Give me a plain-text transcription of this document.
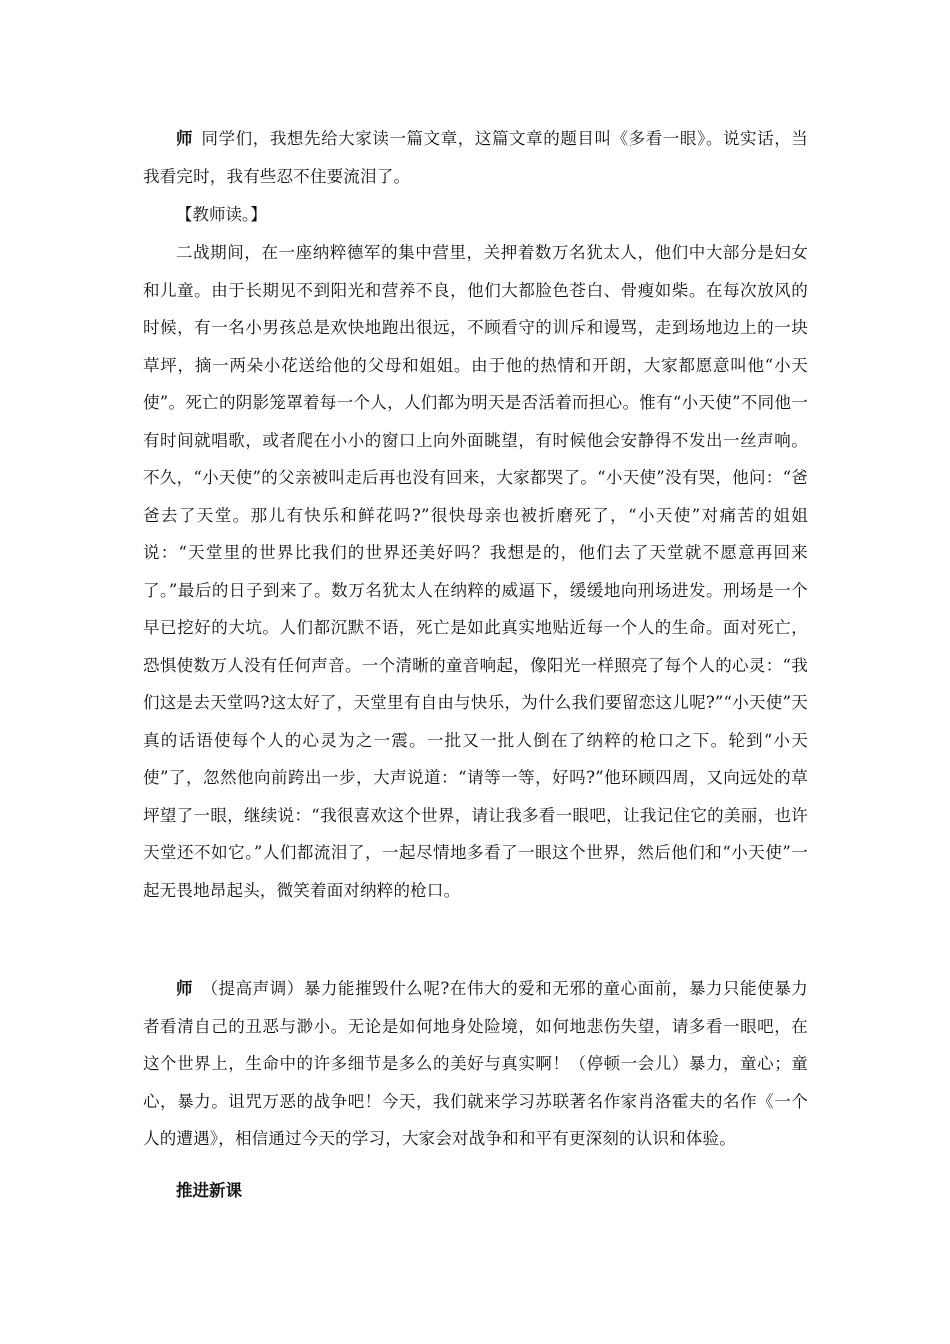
师 同学们，我想先给大家读一篇文章，这篇文章的题目叫《多看一眼》。说实话，当我看完时，我有些忍不住要流泪了。

【教师读。】

二战期间，在一座纳粹德军的集中营里，关押着数万名犹太人，他们中大部分是妇女和儿童。由于长期见不到阳光和营养不良，他们大都脸色苍白、骨瘦如柴。在每次放风的时候，有一名小男孩总是欢快地跑出很远，不顾看守的训斥和谩骂，走到场地边上的一块草坪，摘一两朵小花送给他的父母和姐姐。由于他的热情和开朗，大家都愿意叫他“小天使”。死亡的阴影笼罩着每一个人，人们都为明天是否活着而担心。惟有“小天使”不同他一有时间就唱歌，或者爬在小小的窗口上向外面眺望，有时候他会安静得不发出一丝声响。不久，“小天使”的父亲被叫走后再也没有回来，大家都哭了。“小天使”没有哭，他问：“爸爸去了天堂。那儿有快乐和鲜花吗?”很快母亲也被折磨死了，“小天使”对痛苦的姐姐说：“天堂里的世界比我们的世界还美好吗？我想是的，他们去了天堂就不愿意再回来了。”最后的日子到来了。数万名犹太人在纳粹的威逼下，缓缓地向刑场进发。刑场是一个早已挖好的大坑。人们都沉默不语，死亡是如此真实地贴近每一个人的生命。面对死亡，恐惧使数万人没有任何声音。一个清晰的童音响起，像阳光一样照亮了每个人的心灵：“我们这是去天堂吗?这太好了，天堂里有自由与快乐，为什么我们要留恋这儿呢?”“小天使”天真的话语使每个人的心灵为之一震。一批又一批人倒在了纳粹的枪口之下。轮到“小天使”了，忽然他向前跨出一步，大声说道：“请等一等，好吗?”他环顾四周，又向远处的草坪望了一眼，继续说：“我很喜欢这个世界，请让我多看一眼吧，让我记住它的美丽，也许天堂还不如它。”人们都流泪了，一起尽情地多看了一眼这个世界，然后他们和“小天使”一起无畏地昂起头，微笑着面对纳粹的枪口。

师 （提高声调）暴力能摧毁什么呢?在伟大的爱和无邪的童心面前，暴力只能使暴力者看清自己的丑恶与渺小。无论是如何地身处险境，如何地悲伤失望，请多看一眼吧，在这个世界上，生命中的许多细节是多么的美好与真实啊！（停顿一会儿）暴力，童心；童心，暴力。诅咒万恶的战争吧！今天，我们就来学习苏联著名作家肖洛霍夫的名作《一个人的遭遇》，相信通过今天的学习，大家会对战争和和平有更深刻的认识和体验。

推进新课
